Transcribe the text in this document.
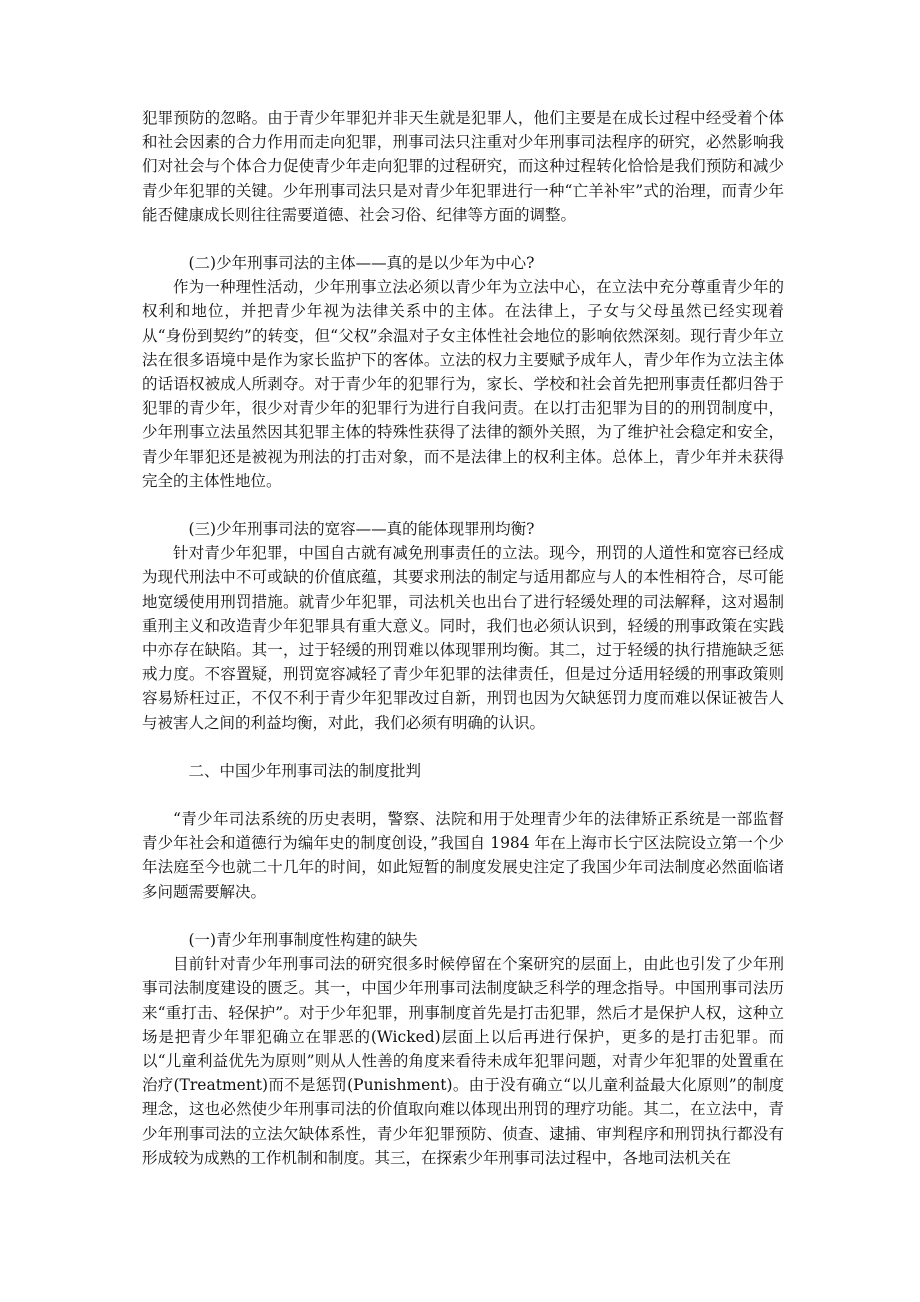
犯罪预防的忽略。由于青少年罪犯并非天生就是犯罪人，他们主要是在成长过程中经受着个体和社会因素的合力作用而走向犯罪，刑事司法只注重对少年刑事司法程序的研究，必然影响我们对社会与个体合力促使青少年走向犯罪的过程研究，而这种过程转化恰恰是我们预防和减少青少年犯罪的关键。少年刑事司法只是对青少年犯罪进行一种“亡羊补牢”式的治理，而青少年能否健康成长则往往需要道德、社会习俗、纪律等方面的调整。

(二)少年刑事司法的主体——真的是以少年为中心?

作为一种理性活动，少年刑事立法必须以青少年为立法中心，在立法中充分尊重青少年的权利和地位，并把青少年视为法律关系中的主体。在法律上，子女与父母虽然已经实现着从“身份到契约”的转变，但“父权”余温对子女主体性社会地位的影响依然深刻。现行青少年立法在很多语境中是作为家长监护下的客体。立法的权力主要赋予成年人，青少年作为立法主体的话语权被成人所剥夺。对于青少年的犯罪行为，家长、学校和社会首先把刑事责任都归咎于犯罪的青少年，很少对青少年的犯罪行为进行自我问责。在以打击犯罪为目的的刑罚制度中，少年刑事立法虽然因其犯罪主体的特殊性获得了法律的额外关照，为了维护社会稳定和安全，青少年罪犯还是被视为刑法的打击对象，而不是法律上的权利主体。总体上，青少年并未获得完全的主体性地位。

(三)少年刑事司法的宽容——真的能体现罪刑均衡?

针对青少年犯罪，中国自古就有减免刑事责任的立法。现今，刑罚的人道性和宽容已经成为现代刑法中不可或缺的价值底蕴，其要求刑法的制定与适用都应与人的本性相符合，尽可能地宽缓使用刑罚措施。就青少年犯罪，司法机关也出台了进行轻缓处理的司法解释，这对遏制重刑主义和改造青少年犯罪具有重大意义。同时，我们也必须认识到，轻缓的刑事政策在实践中亦存在缺陷。其一，过于轻缓的刑罚难以体现罪刑均衡。其二，过于轻缓的执行措施缺乏惩戒力度。不容置疑，刑罚宽容减轻了青少年犯罪的法律责任，但是过分适用轻缓的刑事政策则容易矫枉过正，不仅不利于青少年犯罪改过自新，刑罚也因为欠缺惩罚力度而难以保证被告人与被害人之间的利益均衡，对此，我们必须有明确的认识。

二、中国少年刑事司法的制度批判

“青少年司法系统的历史表明，警察、法院和用于处理青少年的法律矫正系统是一部监督青少年社会和道德行为编年史的制度创设，”我国自 1984 年在上海市长宁区法院设立第一个少年法庭至今也就二十几年的时间，如此短暂的制度发展史注定了我国少年司法制度必然面临诸多问题需要解决。

(一)青少年刑事制度性构建的缺失

目前针对青少年刑事司法的研究很多时候停留在个案研究的层面上，由此也引发了少年刑事司法制度建设的匮乏。其一，中国少年刑事司法制度缺乏科学的理念指导。中国刑事司法历来“重打击、轻保护”。对于少年犯罪，刑事制度首先是打击犯罪，然后才是保护人权，这种立场是把青少年罪犯确立在罪恶的(Wicked)层面上以后再进行保护，更多的是打击犯罪。而以“儿童利益优先为原则”则从人性善的角度来看待未成年犯罪问题，对青少年犯罪的处置重在治疗(Treatment)而不是惩罚(Punishment)。由于没有确立“以儿童利益最大化原则”的制度理念，这也必然使少年刑事司法的价值取向难以体现出刑罚的理疗功能。其二，在立法中，青少年刑事司法的立法欠缺体系性，青少年犯罪预防、侦查、逮捕、审判程序和刑罚执行都没有形成较为成熟的工作机制和制度。其三，在探索少年刑事司法过程中，各地司法机关在
